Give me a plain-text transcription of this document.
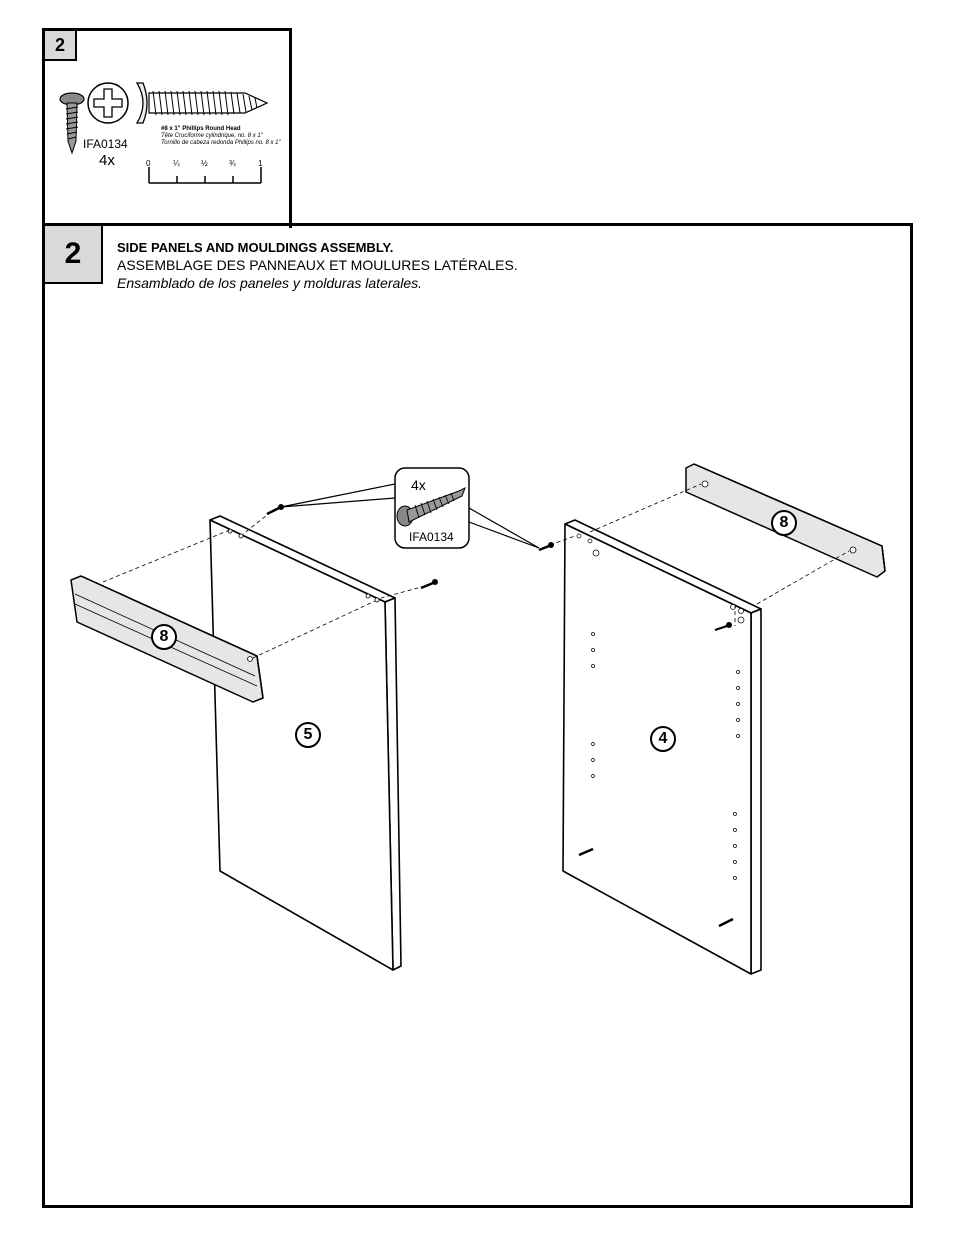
2
IFA0134
4x
#8 x 1" Phillips Round Head
Tête Cruciforme cylindrique, no. 8 x 1"
Tornillo de cabeza redonda Phillips no. 8 x 1"
0	¼	½	¾	1
2	SIDE PANELS AND MOULDINGS ASSEMBLY.
ASSEMBLAGE DES PANNEAUX ET MOULURES LATÉRALES.
Ensamblado de los paneles y molduras laterales.
4x
IFA0134
8
8
5	4
